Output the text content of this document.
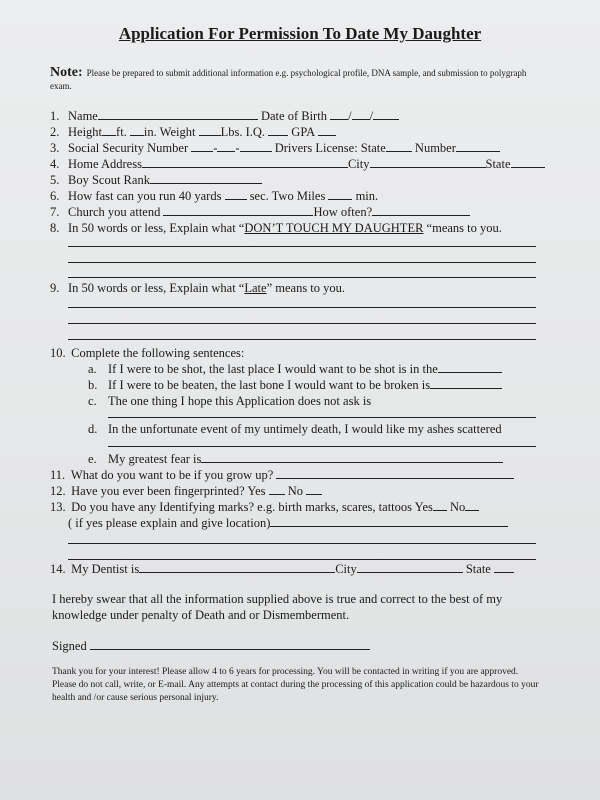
Application For Permission To Date My Daughter
Note: Please be prepared to submit additional information e.g. psychological profile, DNA sample, and submission to polygraph exam.
1. Name	Date of Birth / /
2. Height ft. in. Weight Lbs. I.Q. GPA
3. Social Security Number - -	Drivers License: State Number
4. Home Address	City	State
5. Boy Scout Rank
6. How fast can you run 40 yards sec. Two Miles min.
7. Church you attend	How often?
8. In 50 words or less, Explain what “DON’T TOUCH MY DAUGHTER “means to you.
9. In 50 words or less, Explain what “Late” means to you.
10. Complete the following sentences:
a. If I were to be shot, the last place I would want to be shot is in the
b. If I were to be beaten, the last bone I would want to be broken is
c. The one thing I hope this Application does not ask is
d. In the unfortunate event of my untimely death, I would like my ashes scattered
e. My greatest fear is
11. What do you want to be if you grow up?
12. Have you ever been fingerprinted? Yes No
13. Do you have any Identifying marks? e.g. birth marks, scares, tattoos Yes No
( if yes please explain and give location)
14. My Dentist is	City	State
I hereby swear that all the information supplied above is true and correct to the best of my knowledge under penalty of Death and or Dismemberment.
Signed
Thank you for your interest! Please allow 4 to 6 years for processing. You will be contacted in writing if you are approved. Please do not call, write, or E-mail. Any attempts at contact during the processing of this application could be hazardous to your health and /or cause serious personal injury.
